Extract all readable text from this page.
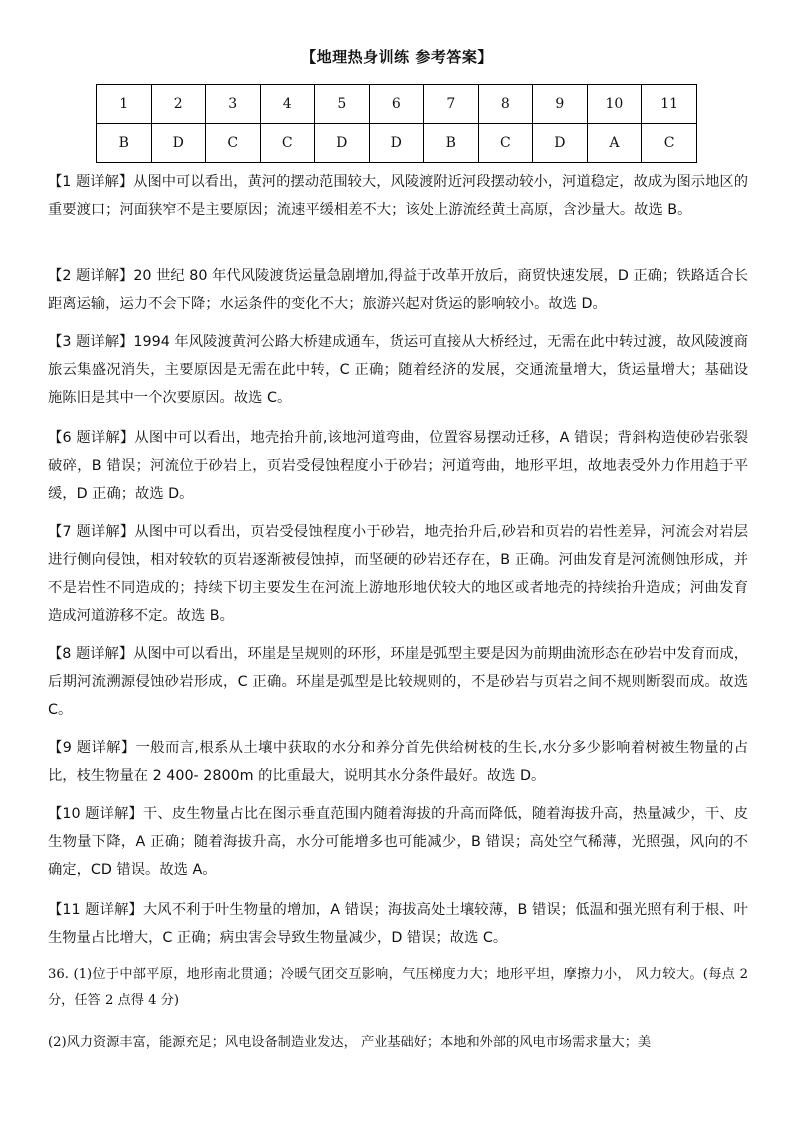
【地理热身训练 参考答案】
1	2	3	4	5	6	7	8	9	10	11
B	D	C	C	D	D	B	C	D	A	C

【1 题详解】从图中可以看出，黄河的摆动范围较大，风陵渡附近河段摆动较小，河道稳定，故成为图示地区的重要渡口；河面狭窄不是主要原因；流速平缓相差不大；该处上游流经黄土高原，含沙量大。故选 B。

【2 题详解】20 世纪 80 年代风陵渡货运量急剧增加,得益于改革开放后，商贸快速发展，D 正确；铁路适合长距离运输，运力不会下降；水运条件的变化不大；旅游兴起对货运的影响较小。故选 D。

【3 题详解】1994 年风陵渡黄河公路大桥建成通车，货运可直接从大桥经过，无需在此中转过渡，故风陵渡商旅云集盛况消失，主要原因是无需在此中转，C 正确；随着经济的发展，交通流量增大，货运量增大；基础设施陈旧是其中一个次要原因。故选 C。

【6 题详解】从图中可以看出，地壳抬升前,该地河道弯曲，位置容易摆动迁移，A 错误；背斜构造使砂岩张裂破碎，B 错误；河流位于砂岩上，页岩受侵蚀程度小于砂岩；河道弯曲，地形平坦，故地表受外力作用趋于平缓，D 正确；故选 D。

【7 题详解】从图中可以看出，页岩受侵蚀程度小于砂岩，地壳抬升后,砂岩和页岩的岩性差异，河流会对岩层进行侧向侵蚀，相对较软的页岩逐渐被侵蚀掉，而坚硬的砂岩还存在，B 正确。河曲发育是河流侧蚀形成，并不是岩性不同造成的；持续下切主要发生在河流上游地形地伏较大的地区或者地壳的持续抬升造成；河曲发育造成河道游移不定。故选 B。

【8 题详解】从图中可以看出，环崖是呈规则的环形，环崖是弧型主要是因为前期曲流形态在砂岩中发育而成，后期河流溯源侵蚀砂岩形成，C 正确。环崖是弧型是比较规则的，不是砂岩与页岩之间不规则断裂而成。故选 C。

【9 题详解】一般而言,根系从土壤中获取的水分和养分首先供给树枝的生长,水分多少影响着树被生物量的占比，枝生物量在 2 400- 2800m 的比重最大，说明其水分条件最好。故选 D。

【10 题详解】干、皮生物量占比在图示垂直范围内随着海拔的升高而降低，随着海拔升高，热量减少，干、皮生物量下降，A 正确；随着海拔升高，水分可能增多也可能减少，B 错误；高处空气稀薄，光照强，风向的不确定，CD 错误。故选 A。

【11 题详解】大风不利于叶生物量的增加，A 错误；海拔高处土壤较薄，B 错误；低温和强光照有利于根、叶生物量占比增大，C 正确；病虫害会导致生物量减少，D 错误；故选 C。

36. (1)位于中部平原，地形南北贯通；冷暖气团交互影响，气压梯度力大；地形平坦，摩擦力小， 风力较大。(每点 2 分，任答 2 点得 4 分)

(2)风力资源丰富，能源充足；风电设备制造业发达， 产业基础好；本地和外部的风电市场需求量大；美
